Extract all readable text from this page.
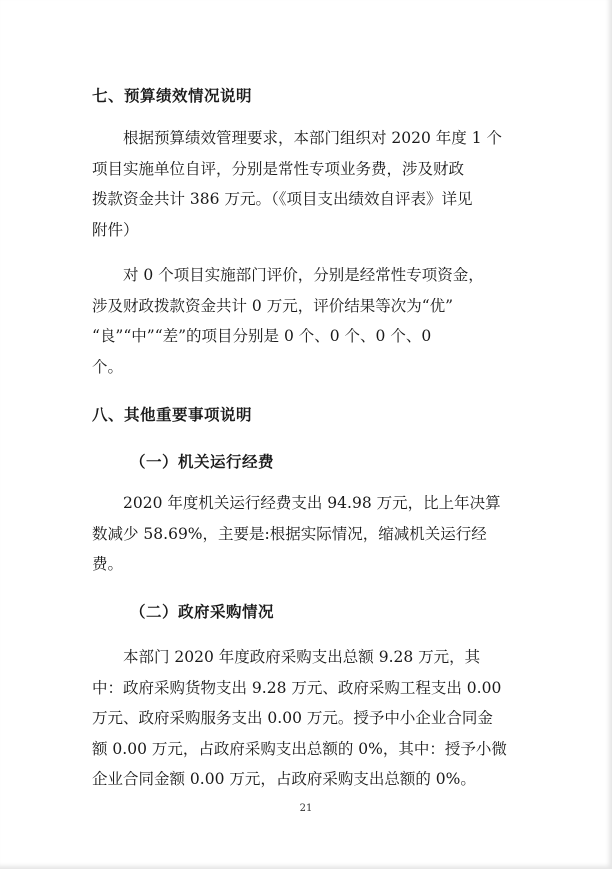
七、预算绩效情况说明
根据预算绩效管理要求，本部门组织对 2020 年度 1 个
项目实施单位自评，分别是常性专项业务费，涉及财政
拨款资金共计 386 万元。（《项目支出绩效自评表》详见
附件）
对 0 个项目实施部门评价，分别是经常性专项资金，
涉及财政拨款资金共计 0 万元，评价结果等次为“优”
“良”“中”“差”的项目分别是 0 个、0 个、0 个、0
个。
八、其他重要事项说明
（一）机关运行经费
2020 年度机关运行经费支出 94.98 万元，比上年决算
数减少 58.69%，主要是:根据实际情况，缩减机关运行经
费。
（二）政府采购情况
本部门 2020 年度政府采购支出总额 9.28 万元，其
中：政府采购货物支出 9.28 万元、政府采购工程支出 0.00
万元、政府采购服务支出 0.00 万元。授予中小企业合同金
额 0.00 万元，占政府采购支出总额的 0%，其中：授予小微
企业合同金额 0.00 万元，占政府采购支出总额的 0%。
21
